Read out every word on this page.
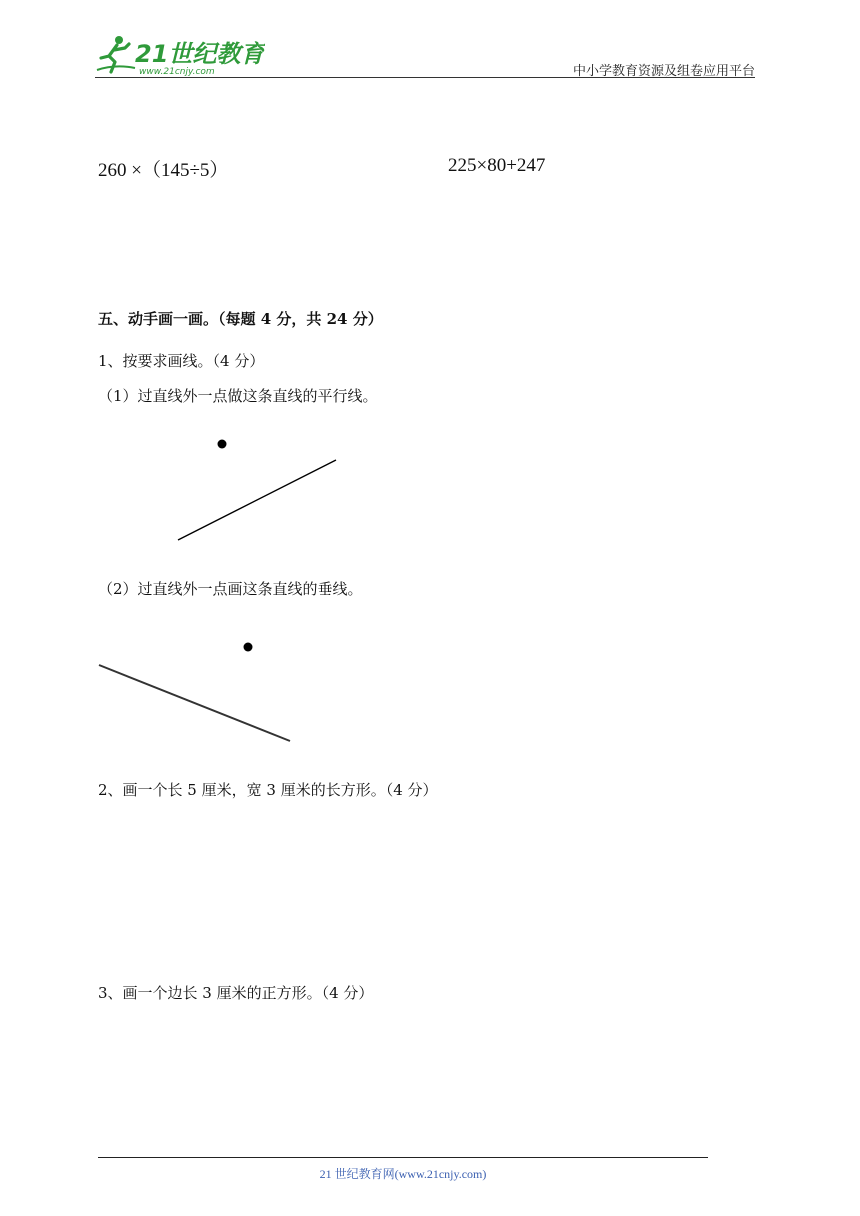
21世纪教育
www.21cnjy.com	中小学教育资源及组卷应用平台
260 ×（145÷5）	225×80+247
五、动手画一画。（每题 4 分，共 24 分）
1、按要求画线。（4 分）
（1）过直线外一点做这条直线的平行线。
（2）过直线外一点画这条直线的垂线。
2、画一个长 5 厘米，宽 3 厘米的长方形。（4 分）
3、画一个边长 3 厘米的正方形。（4 分）
21 世纪教育网(www.21cnjy.com)
